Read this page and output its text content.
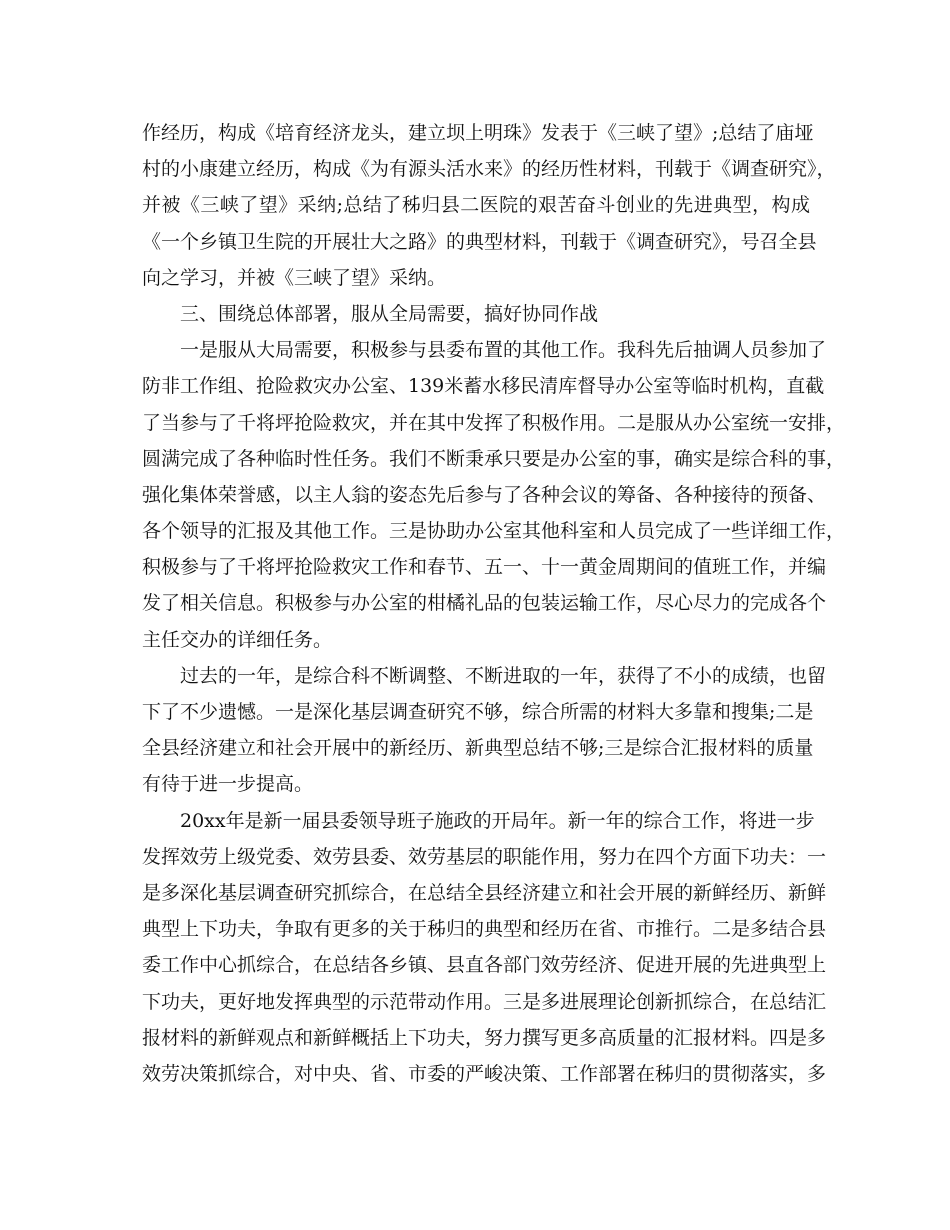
作经历，构成《培育经济龙头，建立坝上明珠》发表于《三峡了望》;总结了庙垭
村的小康建立经历，构成《为有源头活水来》的经历性材料，刊载于《调查研究》，
并被《三峡了望》采纳;总结了秭归县二医院的艰苦奋斗创业的先进典型，构成
《一个乡镇卫生院的开展壮大之路》的典型材料，刊载于《调查研究》，号召全县
向之学习，并被《三峡了望》采纳。
三、围绕总体部署，服从全局需要，搞好协同作战
一是服从大局需要，积极参与县委布置的其他工作。我科先后抽调人员参加了
防非工作组、抢险救灾办公室、139米蓄水移民清库督导办公室等临时机构，直截
了当参与了千将坪抢险救灾，并在其中发挥了积极作用。二是服从办公室统一安排，
圆满完成了各种临时性任务。我们不断秉承只要是办公室的事，确实是综合科的事，
强化集体荣誉感，以主人翁的姿态先后参与了各种会议的筹备、各种接待的预备、
各个领导的汇报及其他工作。三是协助办公室其他科室和人员完成了一些详细工作，
积极参与了千将坪抢险救灾工作和春节、五一、十一黄金周期间的值班工作，并编
发了相关信息。积极参与办公室的柑橘礼品的包装运输工作，尽心尽力的完成各个
主任交办的详细任务。
过去的一年，是综合科不断调整、不断进取的一年，获得了不小的成绩，也留
下了不少遗憾。一是深化基层调查研究不够，综合所需的材料大多靠和搜集;二是
全县经济建立和社会开展中的新经历、新典型总结不够;三是综合汇报材料的质量
有待于进一步提高。
20xx年是新一届县委领导班子施政的开局年。新一年的综合工作，将进一步
发挥效劳上级党委、效劳县委、效劳基层的职能作用，努力在四个方面下功夫：一
是多深化基层调查研究抓综合，在总结全县经济建立和社会开展的新鲜经历、新鲜
典型上下功夫，争取有更多的关于秭归的典型和经历在省、市推行。二是多结合县
委工作中心抓综合，在总结各乡镇、县直各部门效劳经济、促进开展的先进典型上
下功夫，更好地发挥典型的示范带动作用。三是多进展理论创新抓综合，在总结汇
报材料的新鲜观点和新鲜概括上下功夫，努力撰写更多高质量的汇报材料。四是多
效劳决策抓综合，对中央、省、市委的严峻决策、工作部署在秭归的贯彻落实，多
